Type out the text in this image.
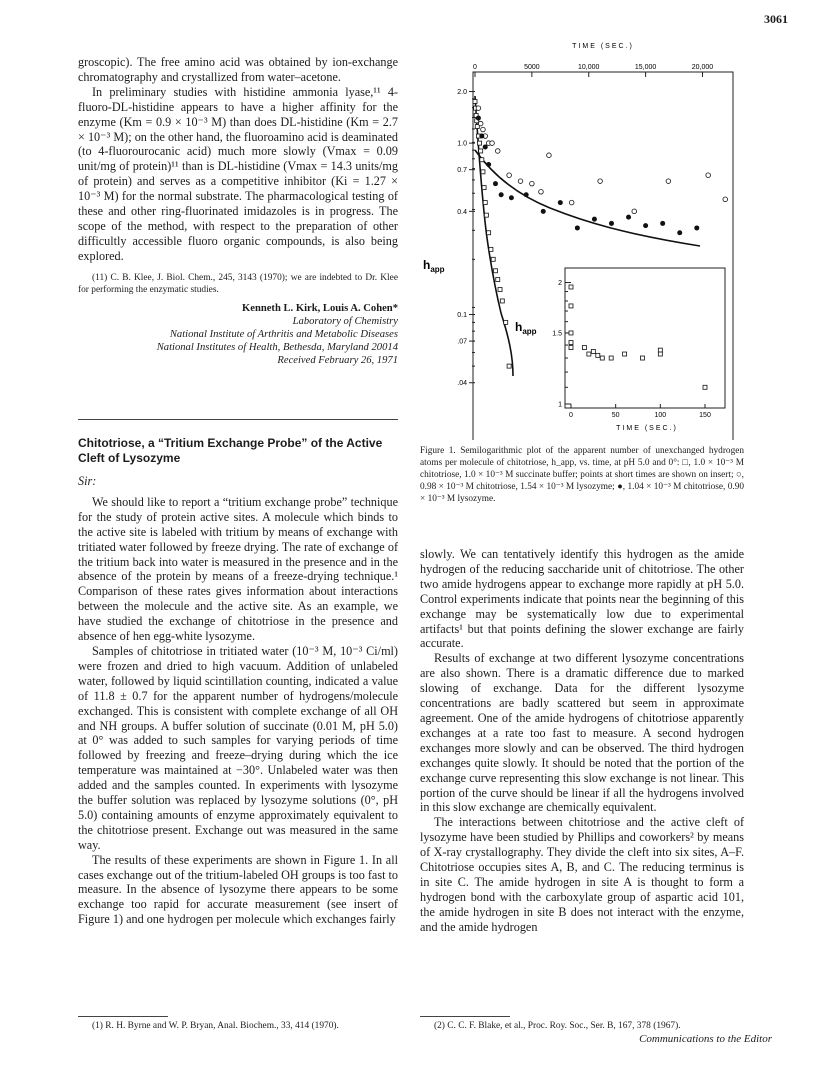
3061

groscopic). The free amino acid was obtained by ion-exchange chromatography and crystallized from water–acetone.

In preliminary studies with histidine ammonia lyase,¹¹ 4-fluoro-DL-histidine appears to have a higher affinity for the enzyme (Km = 0.9 × 10⁻³ M) than does DL-histidine (Km = 2.7 × 10⁻³ M); on the other hand, the fluoroamino acid is deaminated (to 4-fluorourocanic acid) much more slowly (Vmax = 0.09 unit/mg of protein)¹¹ than is DL-histidine (Vmax = 14.3 units/mg of protein) and serves as a competitive inhibitor (Ki = 1.27 × 10⁻³ M) for the normal substrate. The pharmacological testing of these and other ring-fluorinated imidazoles is in progress. The scope of the method, with respect to the preparation of other difficultly accessible fluoro organic compounds, is also being explored.

(11) C. B. Klee, J. Biol. Chem., 245, 3143 (1970); we are indebted to Dr. Klee for performing the enzymatic studies.

Kenneth L. Kirk, Louis A. Cohen*
Laboratory of Chemistry
National Institute of Arthritis and Metabolic Diseases
National Institutes of Health, Bethesda, Maryland 20014
Received February 26, 1971
Chitotriose, a “Tritium Exchange Probe” of the Active Cleft of Lysozyme
Sir:

We should like to report a “tritium exchange probe” technique for the study of protein active sites. A molecule which binds to the active site is labeled with tritium by means of exchange with tritiated water followed by freeze drying. The rate of exchange of the tritium back into water is measured in the presence and in the absence of the protein by means of a freeze-drying technique.¹ Comparison of these rates gives information about interactions between the molecule and the active site. As an example, we have studied the exchange of chitotriose in the presence and absence of hen egg-white lysozyme.

Samples of chitotriose in tritiated water (10⁻³ M, 10⁻³ Ci/ml) were frozen and dried to high vacuum. Addition of unlabeled water, followed by liquid scintillation counting, indicated a value of 11.8 ± 0.7 for the apparent number of hydrogens/molecule exchanged. This is consistent with complete exchange of all OH and NH groups. A buffer solution of succinate (0.01 M, pH 5.0) at 0° was added to such samples for varying periods of time followed by freezing and freeze–drying during which the ice temperature was maintained at −30°. Unlabeled water was then added and the samples counted. In experiments with lysozyme the buffer solution was replaced by lysozyme solutions (0°, pH 5.0) containing amounts of enzyme approximately equivalent to the chitotriose present. Exchange out was measured in the same way.

The results of these experiments are shown in Figure 1. In all cases exchange out of the tritium-labeled OH groups is too fast to measure. In the absence of lysozyme there appears to be some exchange too rapid for accurate measurement (see insert of Figure 1) and one hydrogen per molecule which exchanges fairly

(1) R. H. Byrne and W. P. Bryan, Anal. Biochem., 33, 414 (1970).
TIME (SEC.)
0	5000	10,000	15,000	20,000
2.0
1.0
0.7
0.4
0.1
.07
.04
$h_{app}$
0	50	100	150
2
1.5
1
TIME (SEC.)
$h_{app}$
Figure 1. Semilogarithmic plot of the apparent number of unexchanged hydrogen atoms per molecule of chitotriose, h_app, vs. time, at pH 5.0 and 0°: □, 1.0 × 10⁻³ M chitotriose, 1.0 × 10⁻³ M succinate buffer; points at short times are shown on insert; ○, 0.98 × 10⁻³ M chitotriose, 1.54 × 10⁻³ M lysozyme; ●, 1.04 × 10⁻³ M chitotriose, 0.90 × 10⁻³ M lysozyme.

slowly. We can tentatively identify this hydrogen as the amide hydrogen of the reducing saccharide unit of chitotriose. The other two amide hydrogens appear to exchange more rapidly at pH 5.0. Control experiments indicate that points near the beginning of this exchange may be systematically low due to experimental artifacts¹ but that points defining the slower exchange are fairly accurate.

Results of exchange at two different lysozyme concentrations are also shown. There is a dramatic difference due to marked slowing of exchange. Data for the different lysozyme concentrations are badly scattered but seem in approximate agreement. One of the amide hydrogens of chitotriose apparently exchanges at a rate too fast to measure. A second hydrogen exchanges more slowly and can be observed. The third hydrogen exchanges quite slowly. It should be noted that the portion of the exchange curve representing this slow exchange is not linear. This portion of the curve should be linear if all the hydrogens involved in this slow exchange are chemically equivalent.

The interactions between chitotriose and the active cleft of lysozyme have been studied by Phillips and coworkers² by means of X-ray crystallography. They divide the cleft into six sites, A–F. Chitotriose occupies sites A, B, and C. The reducing terminus is in site C. The amide hydrogen in site A is thought to form a hydrogen bond with the carboxylate group of aspartic acid 101, the amide hydrogen in site B does not interact with the enzyme, and the amide hydrogen

(2) C. C. F. Blake, et al., Proc. Roy. Soc., Ser. B, 167, 378 (1967).
Communications to the Editor
